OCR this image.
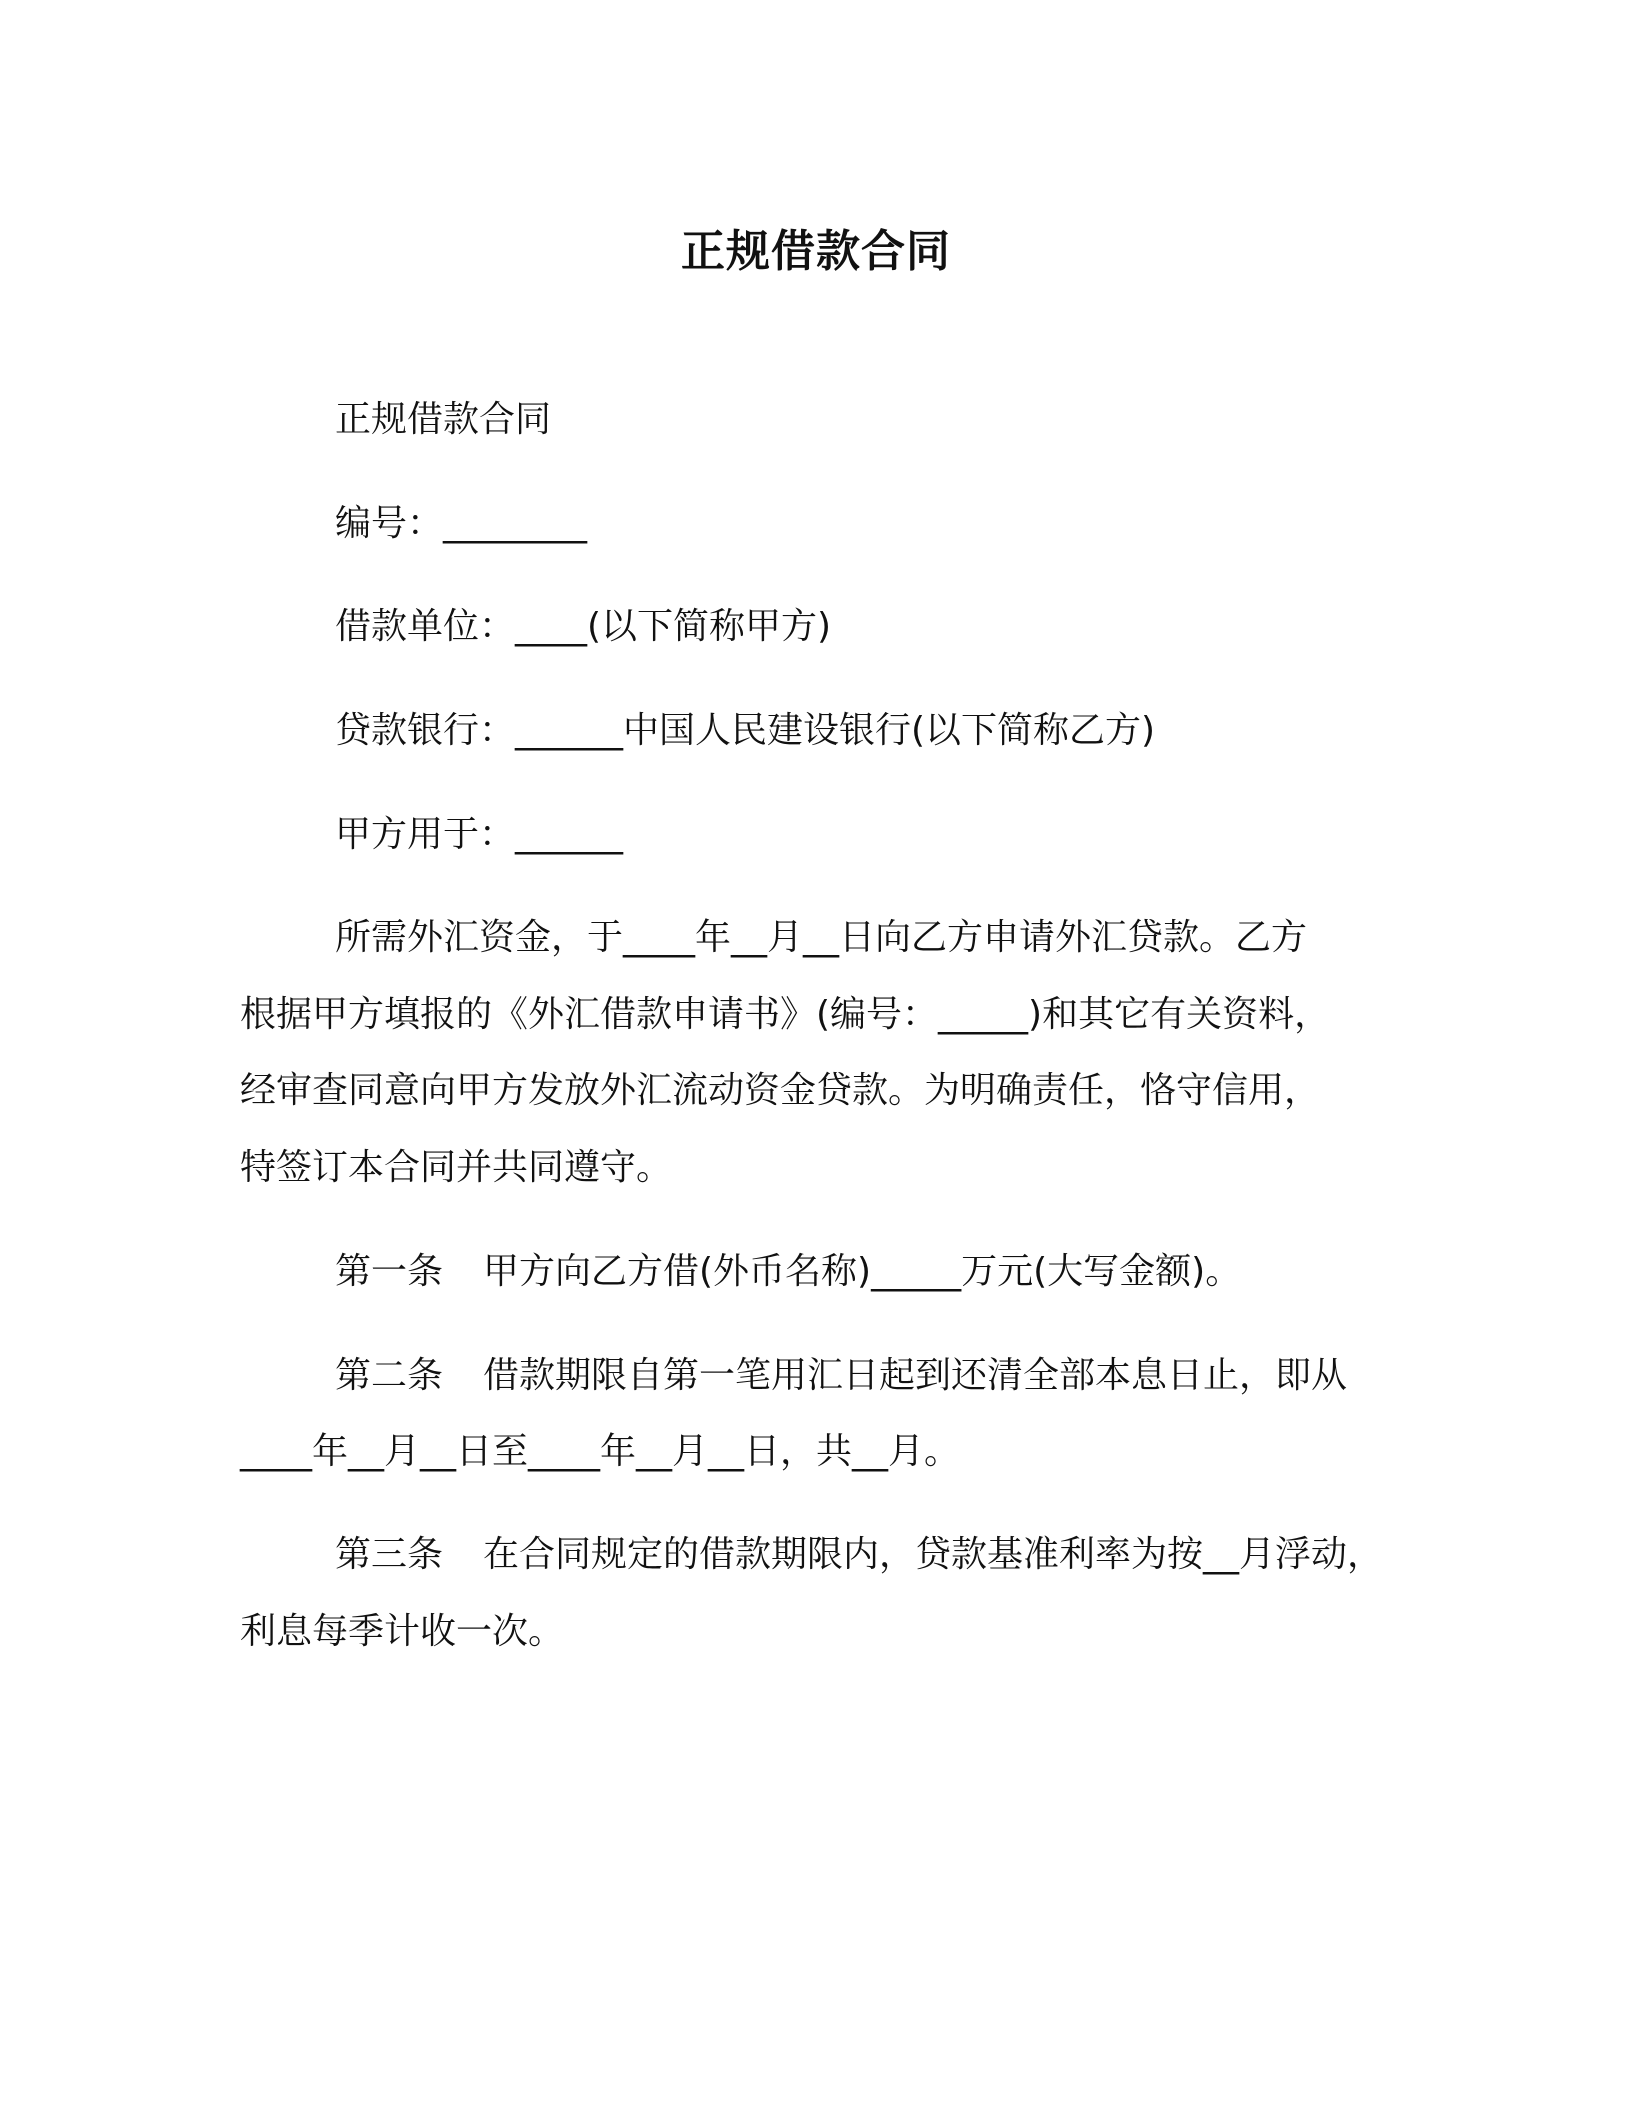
正规借款合同
正规借款合同
编号：________
借款单位：____(以下简称甲方)
贷款银行：______中国人民建设银行(以下简称乙方)
甲方用于：______
所需外汇资金，于____年__月__日向乙方申请外汇贷款。乙方
根据甲方填报的《外汇借款申请书》(编号：_____)和其它有关资料，
经审查同意向甲方发放外汇流动资金贷款。为明确责任，恪守信用，
特签订本合同并共同遵守。
第一条 甲方向乙方借(外币名称)_____万元(大写金额)。
第二条 借款期限自第一笔用汇日起到还清全部本息日止，即从
____年__月__日至____年__月__日，共__月。
第三条 在合同规定的借款期限内，贷款基准利率为按__月浮动，
利息每季计收一次。
